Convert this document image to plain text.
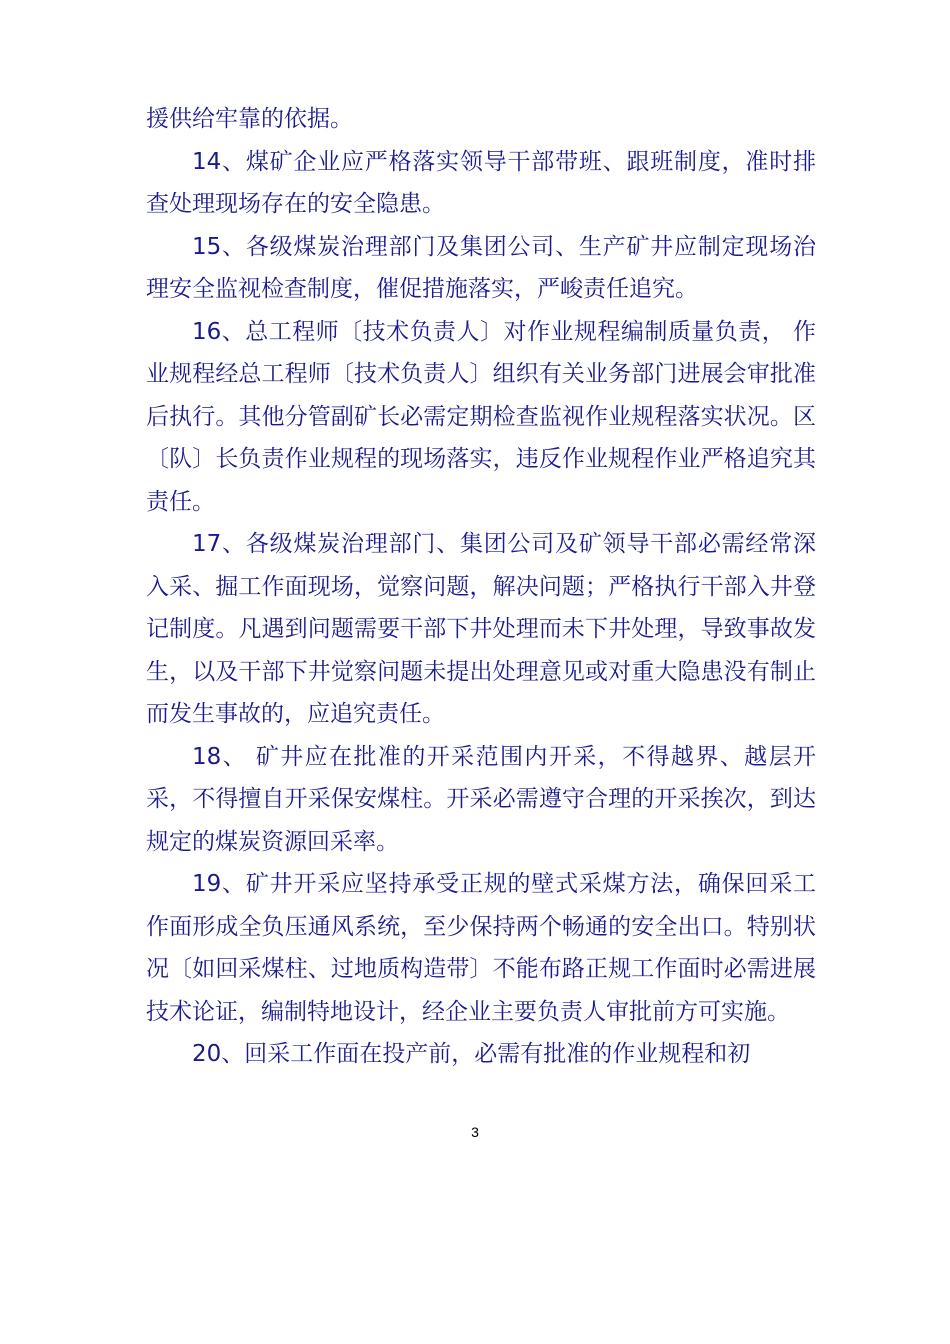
援供给牢靠的依据。

14、煤矿企业应严格落实领导干部带班、跟班制度，准时排查处理现场存在的安全隐患。

15、各级煤炭治理部门及集团公司、生产矿井应制定现场治理安全监视检查制度，催促措施落实，严峻责任追究。

16、总工程师〔技术负责人〕对作业规程编制质量负责， 作业规程经总工程师〔技术负责人〕组织有关业务部门进展会审批准后执行。其他分管副矿长必需定期检查监视作业规程落实状况。区〔队〕长负责作业规程的现场落实，违反作业规程作业严格追究其责任。

17、各级煤炭治理部门、集团公司及矿领导干部必需经常深入采、掘工作面现场，觉察问题，解决问题；严格执行干部入井登记制度。凡遇到问题需要干部下井处理而未下井处理，导致事故发生，以及干部下井觉察问题未提出处理意见或对重大隐患没有制止而发生事故的，应追究责任。

18、 矿井应在批准的开采范围内开采，不得越界、越层开采，不得擅自开采保安煤柱。开采必需遵守合理的开采挨次，到达规定的煤炭资源回采率。

19、矿井开采应坚持承受正规的壁式采煤方法，确保回采工作面形成全负压通风系统，至少保持两个畅通的安全出口。特别状况〔如回采煤柱、过地质构造带〕不能布路正规工作面时必需进展技术论证，编制特地设计，经企业主要负责人审批前方可实施。

20、回采工作面在投产前，必需有批准的作业规程和初

3
